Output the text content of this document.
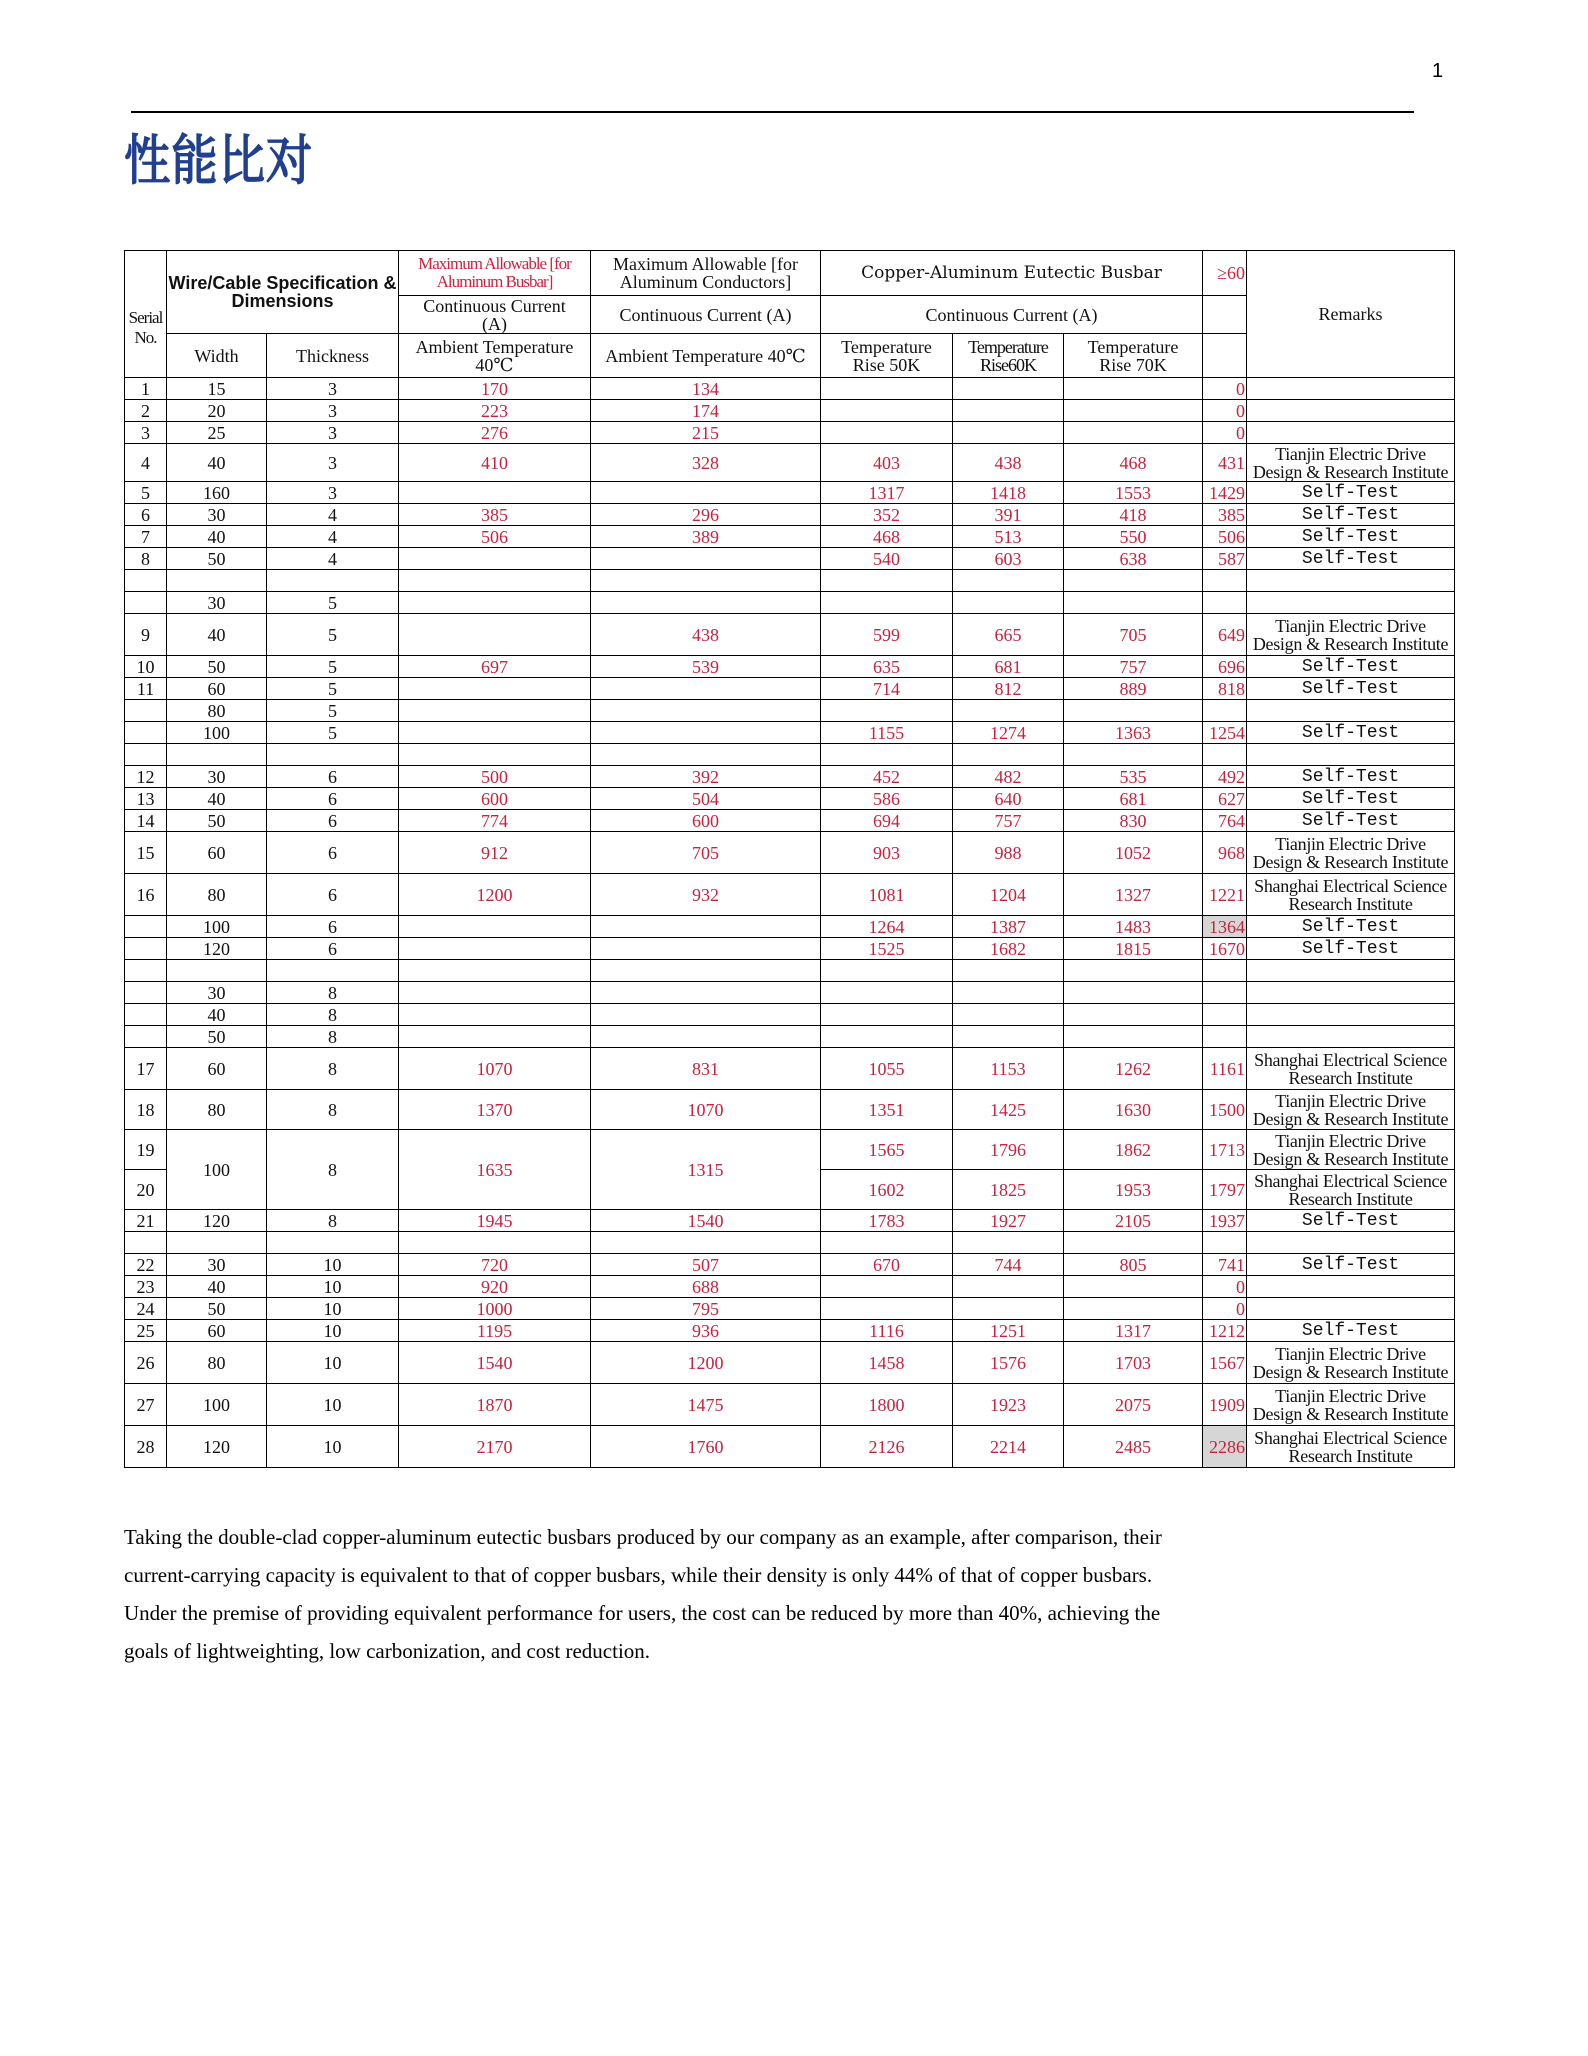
1
性能比对
Serial No.	Wire/Cable Specification & Dimensions		Maximum Allowable [for Aluminum Busbar]	Maximum Allowable [for Aluminum Conductors]	Copper-Aluminum Eutectic Busbar			≥60	Remarks
			Continuous Current (A)	Continuous Current (A)	Continuous Current (A)				
	Width	Thickness	Ambient Temperature 40℃	Ambient Temperature 40℃	Temperature Rise 50K	Temperature Rise60K	Temperature Rise 70K		
1	15	3	170	134				0	
2	20	3	223	174				0	
3	25	3	276	215				0	
4	40	3	410	328	403	438	468	431	Tianjin Electric Drive
Design & Research Institute

5	160	3			1317	1418	1553	1429	Self-Test
6	30	4	385	296	352	391	418	385	Self-Test
7	40	4	506	389	468	513	550	506	Self-Test
8	50	4			540	603	638	587	Self-Test

	30	5							
9	40	5		438	599	665	705	649	Tianjin Electric Drive
Design & Research Institute

10	50	5	697	539	635	681	757	696	Self-Test
11	60	5			714	812	889	818	Self-Test
	80	5							
	100	5			1155	1274	1363	1254	Self-Test

12	30	6	500	392	452	482	535	492	Self-Test
13	40	6	600	504	586	640	681	627	Self-Test
14	50	6	774	600	694	757	830	764	Self-Test
15	60	6	912	705	903	988	1052	968	Tianjin Electric Drive
Design & Research Institute

16	80	6	1200	932	1081	1204	1327	1221	Shanghai Electrical Science
Research Institute

	100	6			1264	1387	1483	1364	Self-Test
	120	6			1525	1682	1815	1670	Self-Test

	30	8							
	40	8							
	50	8							
17	60	8	1070	831	1055	1153	1262	1161	Shanghai Electrical Science
Research Institute

18	80	8	1370	1070	1351	1425	1630	1500	Tianjin Electric Drive
Design & Research Institute

19	100	8	1635	1315	1565	1796	1862	1713	Tianjin Electric Drive
Design & Research Institute

20					1602	1825	1953	1797	Shanghai Electrical Science
Research Institute

21	120	8	1945	1540	1783	1927	2105	1937	Self-Test

22	30	10	720	507	670	744	805	741	Self-Test
23	40	10	920	688				0	
24	50	10	1000	795				0	
25	60	10	1195	936	1116	1251	1317	1212	Self-Test
26	80	10	1540	1200	1458	1576	1703	1567	Tianjin Electric Drive
Design & Research Institute

27	100	10	1870	1475	1800	1923	2075	1909	Tianjin Electric Drive
Design & Research Institute

28	120	10	2170	1760	2126	2214	2485	2286	Shanghai Electrical Science
Research Institute
Taking the double-clad copper-aluminum eutectic busbars produced by our company as an example, after comparison, their
current-carrying capacity is equivalent to that of copper busbars, while their density is only 44% of that of copper busbars.
Under the premise of providing equivalent performance for users, the cost can be reduced by more than 40%, achieving the
goals of lightweighting, low carbonization, and cost reduction.
